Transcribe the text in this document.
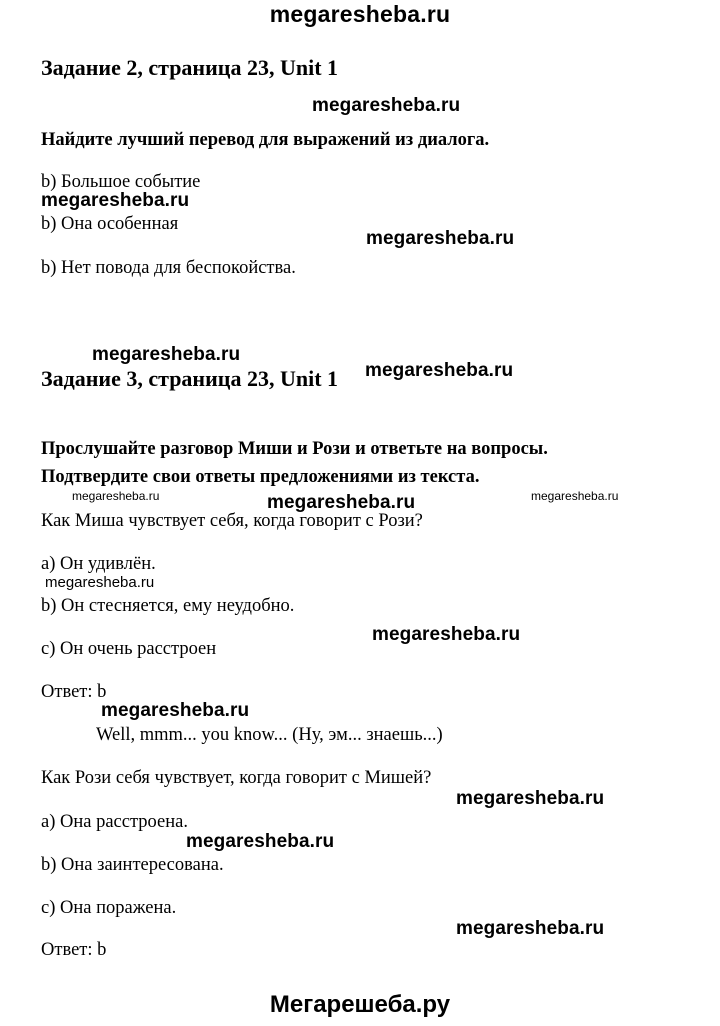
megaresheba.ru
Задание 2, страница 23, Unit 1
megaresheba.ru
Найдите лучший перевод для выражений из диалога.
b) Большое событие
megaresheba.ru
b) Она особенная
megaresheba.ru
b) Нет повода для беспокойства.
megaresheba.ru
Задание 3, страница 23, Unit 1 megaresheba.ru
Прослушайте разговор Миши и Рози и ответьте на вопросы.
Подтвердите свои ответы предложениями из текста.
megaresheba.ru	megaresheba.ru	megaresheba.ru
Как Миша чувствует себя, когда говорит с Рози?
a) Он удивлён.
megaresheba.ru
b) Он стесняется, ему неудобно.
megaresheba.ru
c) Он очень расстроен
Ответ: b
megaresheba.ru
Well, mmm... you know... (Ну, эм... знаешь...)
Как Рози себя чувствует, когда говорит с Мишей?
megaresheba.ru
a) Она расстроена.
megaresheba.ru
b) Она заинтересована.
c) Она поражена.
megaresheba.ru
Ответ: b
Мегарешеба.ру
